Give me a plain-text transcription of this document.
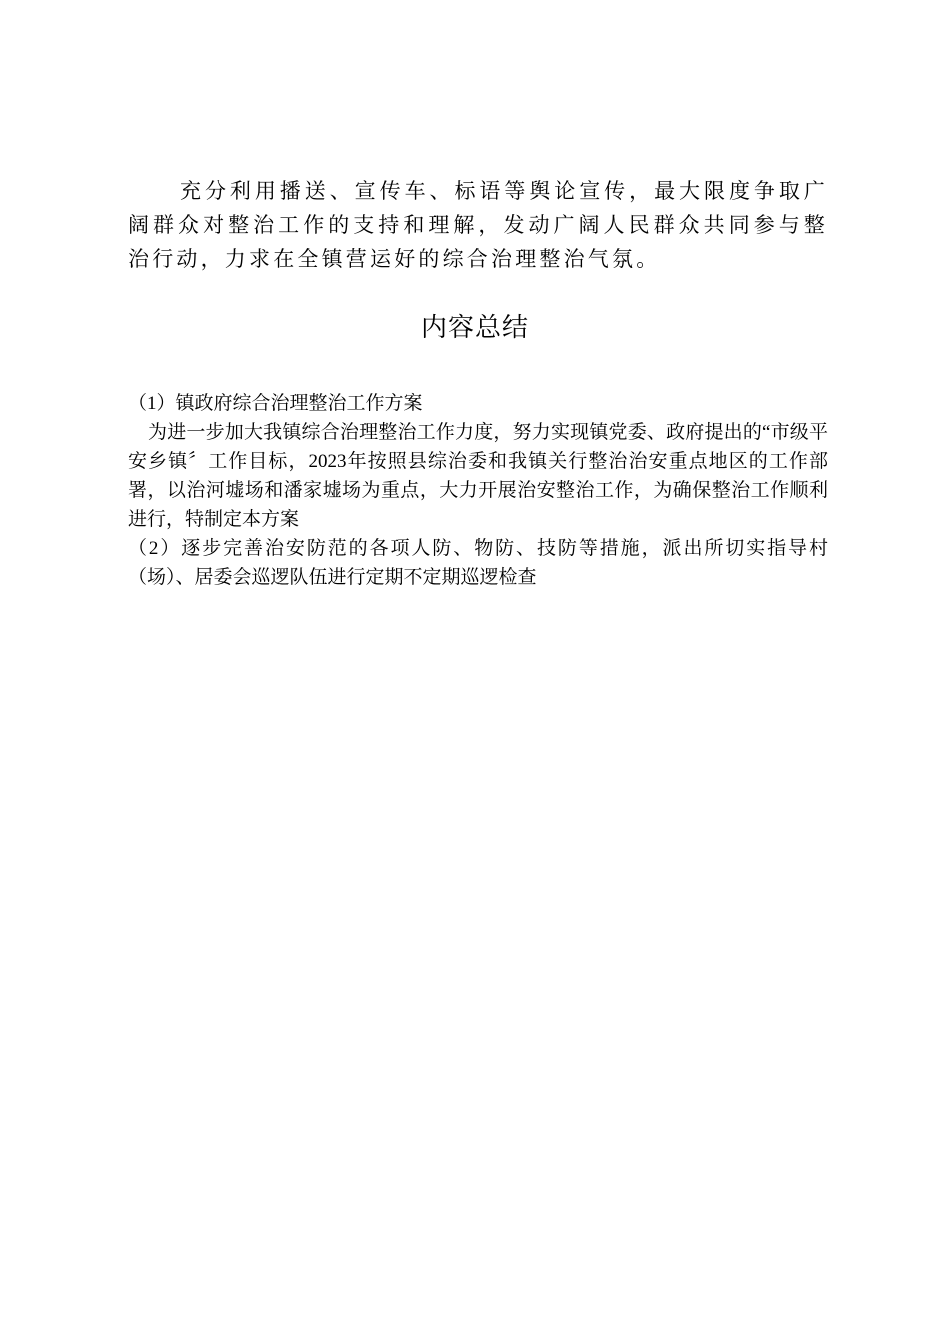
充分利用播送、宣传车、标语等舆论宣传，最大限度争取广阔群众对整治工作的支持和理解，发动广阔人民群众共同参与整治行动，力求在全镇营运好的综合治理整治气氛。

内容总结

（1）镇政府综合治理整治工作方案

为进一步加大我镇综合治理整治工作力度，努力实现镇党委、政府提出的“市级平安乡镇〞工作目标，2023年按照县综治委和我镇关行整治治安重点地区的工作部署，以治河墟场和潘家墟场为重点，大力开展治安整治工作，为确保整治工作顺利进行，特制定本方案

（2）逐步完善治安防范的各项人防、物防、技防等措施，派出所切实指导村（场）、居委会巡逻队伍进行定期不定期巡逻检查
